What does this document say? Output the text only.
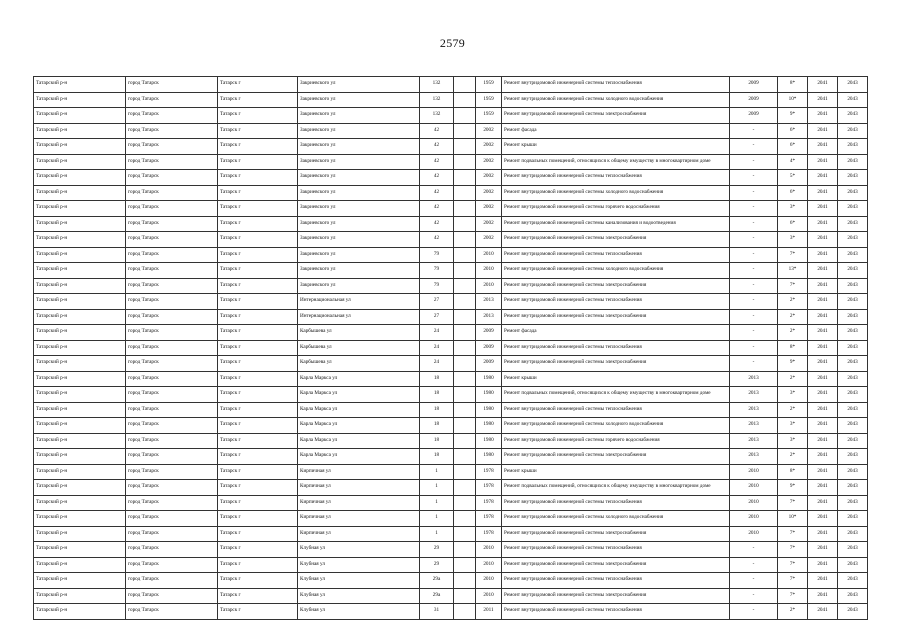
2579
Татарский р-н	город Татарск	Татарск г	Закриевского ул	132		1959	Ремонт внутридомовой инженерной системы теплоснабжения	2009	8*	2041	2043
Татарский р-н	город Татарск	Татарск г	Закриевского ул	132		1959	Ремонт внутридомовой инженерной системы холодного водоснабжения	2009	10*	2041	2043
Татарский р-н	город Татарск	Татарск г	Закриевского ул	132		1959	Ремонт внутридомовой инженерной системы электроснабжения	2009	9*	2041	2043
Татарский р-н	город Татарск	Татарск г	Закриевского ул	42		2002	Ремонт фасада	-	6*	2041	2043
Татарский р-н	город Татарск	Татарск г	Закриевского ул	42		2002	Ремонт крыши	-	6*	2041	2043
Татарский р-н	город Татарск	Татарск г	Закриевского ул	42		2002	Ремонт подвальных помещений, относящихся к общему имуществу в многоквартирном доме	-	4*	2041	2043
Татарский р-н	город Татарск	Татарск г	Закриевского ул	42		2002	Ремонт внутридомовой инженерной системы теплоснабжения	-	5*	2041	2043
Татарский р-н	город Татарск	Татарск г	Закриевского ул	42		2002	Ремонт внутридомовой инженерной системы холодного водоснабжения	-	6*	2041	2043
Татарский р-н	город Татарск	Татарск г	Закриевского ул	42		2002	Ремонт внутридомовой инженерной системы горячего водоснабжения	-	3*	2041	2043
Татарский р-н	город Татарск	Татарск г	Закриевского ул	42		2002	Ремонт внутридомовой инженерной системы канализования и водоотведения	-	6*	2041	2043
Татарский р-н	город Татарск	Татарск г	Закриевского ул	42		2002	Ремонт внутридомовой инженерной системы электроснабжения	-	3*	2041	2043
Татарский р-н	город Татарск	Татарск г	Закриевского ул	79		2010	Ремонт внутридомовой инженерной системы теплоснабжения	-	7*	2041	2043
Татарский р-н	город Татарск	Татарск г	Закриевского ул	79		2010	Ремонт внутридомовой инженерной системы холодного водоснабжения	-	13*	2041	2043
Татарский р-н	город Татарск	Татарск г	Закриевского ул	79		2010	Ремонт внутридомовой инженерной системы электроснабжения	-	7*	2041	2043
Татарский р-н	город Татарск	Татарск г	Интернациональная ул	27		2013	Ремонт внутридомовой инженерной системы теплоснабжения	-	2*	2041	2043
Татарский р-н	город Татарск	Татарск г	Интернациональная ул	27		2013	Ремонт внутридомовой инженерной системы электроснабжения	-	2*	2041	2043
Татарский р-н	город Татарск	Татарск г	Карбышева ул	24		2009	Ремонт фасада	-	2*	2041	2043
Татарский р-н	город Татарск	Татарск г	Карбышева ул	24		2009	Ремонт внутридомовой инженерной системы теплоснабжения	-	8*	2041	2043
Татарский р-н	город Татарск	Татарск г	Карбышева ул	24		2009	Ремонт внутридомовой инженерной системы электроснабжения	-	9*	2041	2043
Татарский р-н	город Татарск	Татарск г	Карла Маркса ул	18		1980	Ремонт крыши	2013	2*	2041	2043
Татарский р-н	город Татарск	Татарск г	Карла Маркса ул	18		1980	Ремонт подвальных помещений, относящихся к общему имуществу в многоквартирном доме	2013	3*	2041	2043
Татарский р-н	город Татарск	Татарск г	Карла Маркса ул	18		1980	Ремонт внутридомовой инженерной системы теплоснабжения	2013	2*	2041	2043
Татарский р-н	город Татарск	Татарск г	Карла Маркса ул	18		1980	Ремонт внутридомовой инженерной системы холодного водоснабжения	2013	3*	2041	2043
Татарский р-н	город Татарск	Татарск г	Карла Маркса ул	18		1980	Ремонт внутридомовой инженерной системы горячего водоснабжения	2013	3*	2041	2043
Татарский р-н	город Татарск	Татарск г	Карла Маркса ул	18		1980	Ремонт внутридомовой инженерной системы электроснабжения	2013	2*	2041	2043
Татарский р-н	город Татарск	Татарск г	Кирпичная ул	1		1978	Ремонт крыши	2010	8*	2041	2043
Татарский р-н	город Татарск	Татарск г	Кирпичная ул	1		1978	Ремонт подвальных помещений, относящихся к общему имуществу в многоквартирном доме	2010	9*	2041	2043
Татарский р-н	город Татарск	Татарск г	Кирпичная ул	1		1978	Ремонт внутридомовой инженерной системы теплоснабжения	2010	7*	2041	2043
Татарский р-н	город Татарск	Татарск г	Кирпичная ул	1		1978	Ремонт внутридомовой инженерной системы холодного водоснабжения	2010	10*	2041	2043
Татарский р-н	город Татарск	Татарск г	Кирпичная ул	1		1978	Ремонт внутридомовой инженерной системы электроснабжения	2010	7*	2041	2043
Татарский р-н	город Татарск	Татарск г	Клубная ул	29		2010	Ремонт внутридомовой инженерной системы теплоснабжения	-	7*	2041	2043
Татарский р-н	город Татарск	Татарск г	Клубная ул	29		2010	Ремонт внутридомовой инженерной системы электроснабжения	-	7*	2041	2043
Татарский р-н	город Татарск	Татарск г	Клубная ул	29а		2010	Ремонт внутридомовой инженерной системы теплоснабжения	-	7*	2041	2043
Татарский р-н	город Татарск	Татарск г	Клубная ул	29а		2010	Ремонт внутридомовой инженерной системы электроснабжения	-	7*	2041	2043
Татарский р-н	город Татарск	Татарск г	Клубная ул	31		2011	Ремонт внутридомовой инженерной системы теплоснабжения	-	2*	2041	2043
